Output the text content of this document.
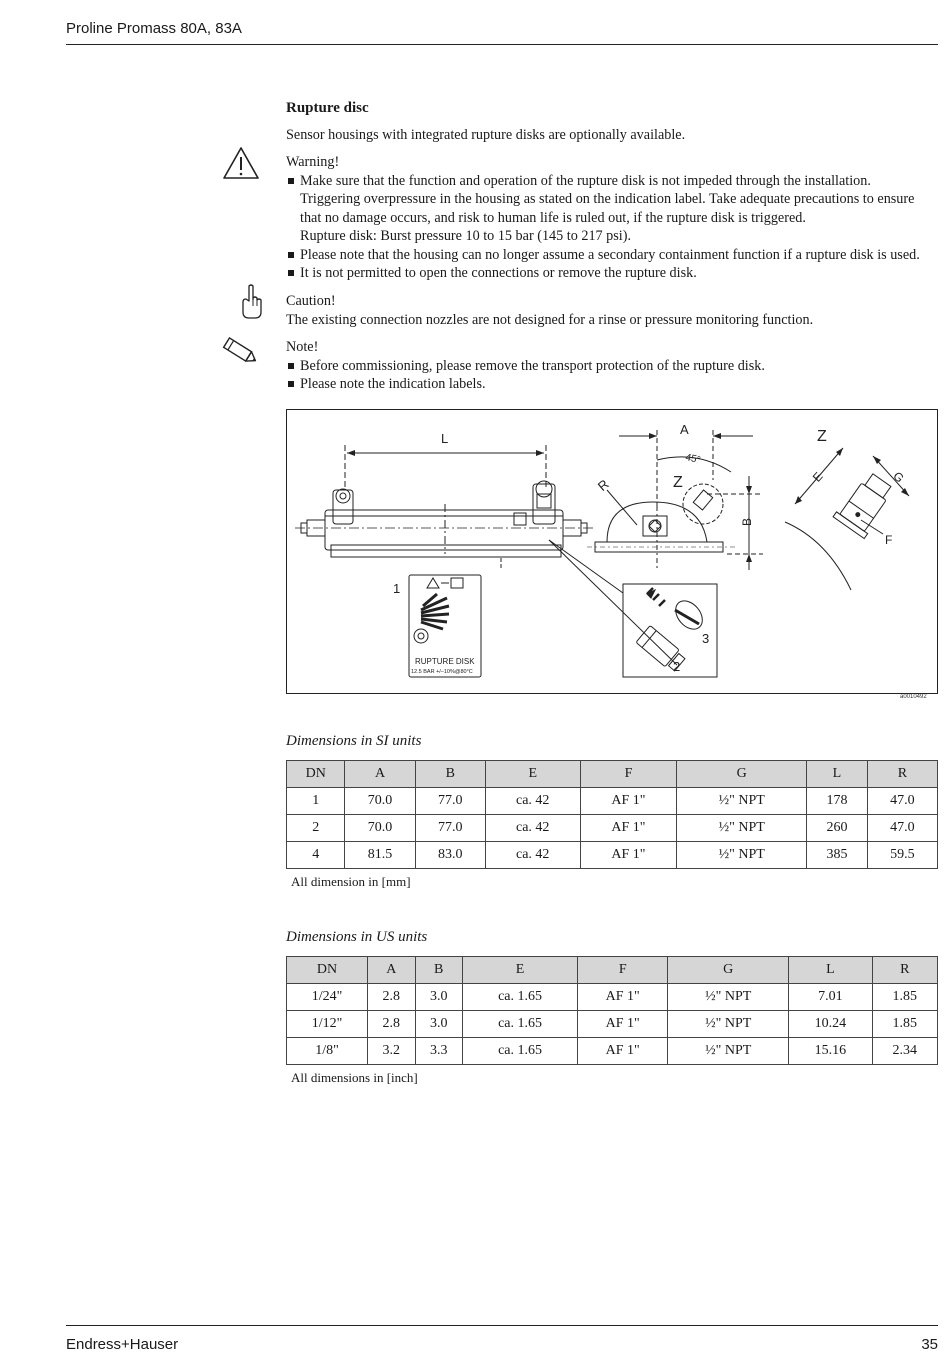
Proline Promass 80A, 83A
Rupture disc
Sensor housings with integrated rupture disks are optionally available.
Warning!
Make sure that the function and operation of the rupture disk is not impeded through the installation.
Triggering overpressure in the housing as stated on the indication label. Take adequate precautions to ensure
that no damage occurs, and risk to human life is ruled out, if the rupture disk is triggered.
Rupture disk: Burst pressure 10 to 15 bar (145 to 217 psi).
Please note that the housing can no longer assume a secondary containment function if a rupture disk is used.
It is not permitted to open the connections or remove the rupture disk.
Caution!
The existing connection nozzles are not designed for a rinse or pressure monitoring function.
Note!
Before commissioning, please remove the transport protection of the rupture disk.
Please note the indication labels.
L
1
RUPTURE DISK
12.5 BAR +/–10%@80°C
3
2
A
45°
Z
R
B
Z
E	G
F
a0010492
Dimensions in SI units
DN	A	B	E	F	G	L	R
1	70.0	77.0	ca. 42	AF 1"	½" NPT	178	47.0
2	70.0	77.0	ca. 42	AF 1"	½" NPT	260	47.0
4	81.5	83.0	ca. 42	AF 1"	½" NPT	385	59.5
All dimension in [mm]
Dimensions in US units
DN	A	B	E	F	G	L	R
1/24"	2.8	3.0	ca. 1.65	AF 1"	½" NPT	7.01	1.85
1/12"	2.8	3.0	ca. 1.65	AF 1"	½" NPT	10.24	1.85
1/8"	3.2	3.3	ca. 1.65	AF 1"	½" NPT	15.16	2.34
All dimensions in [inch]
Endress+Hauser	35
